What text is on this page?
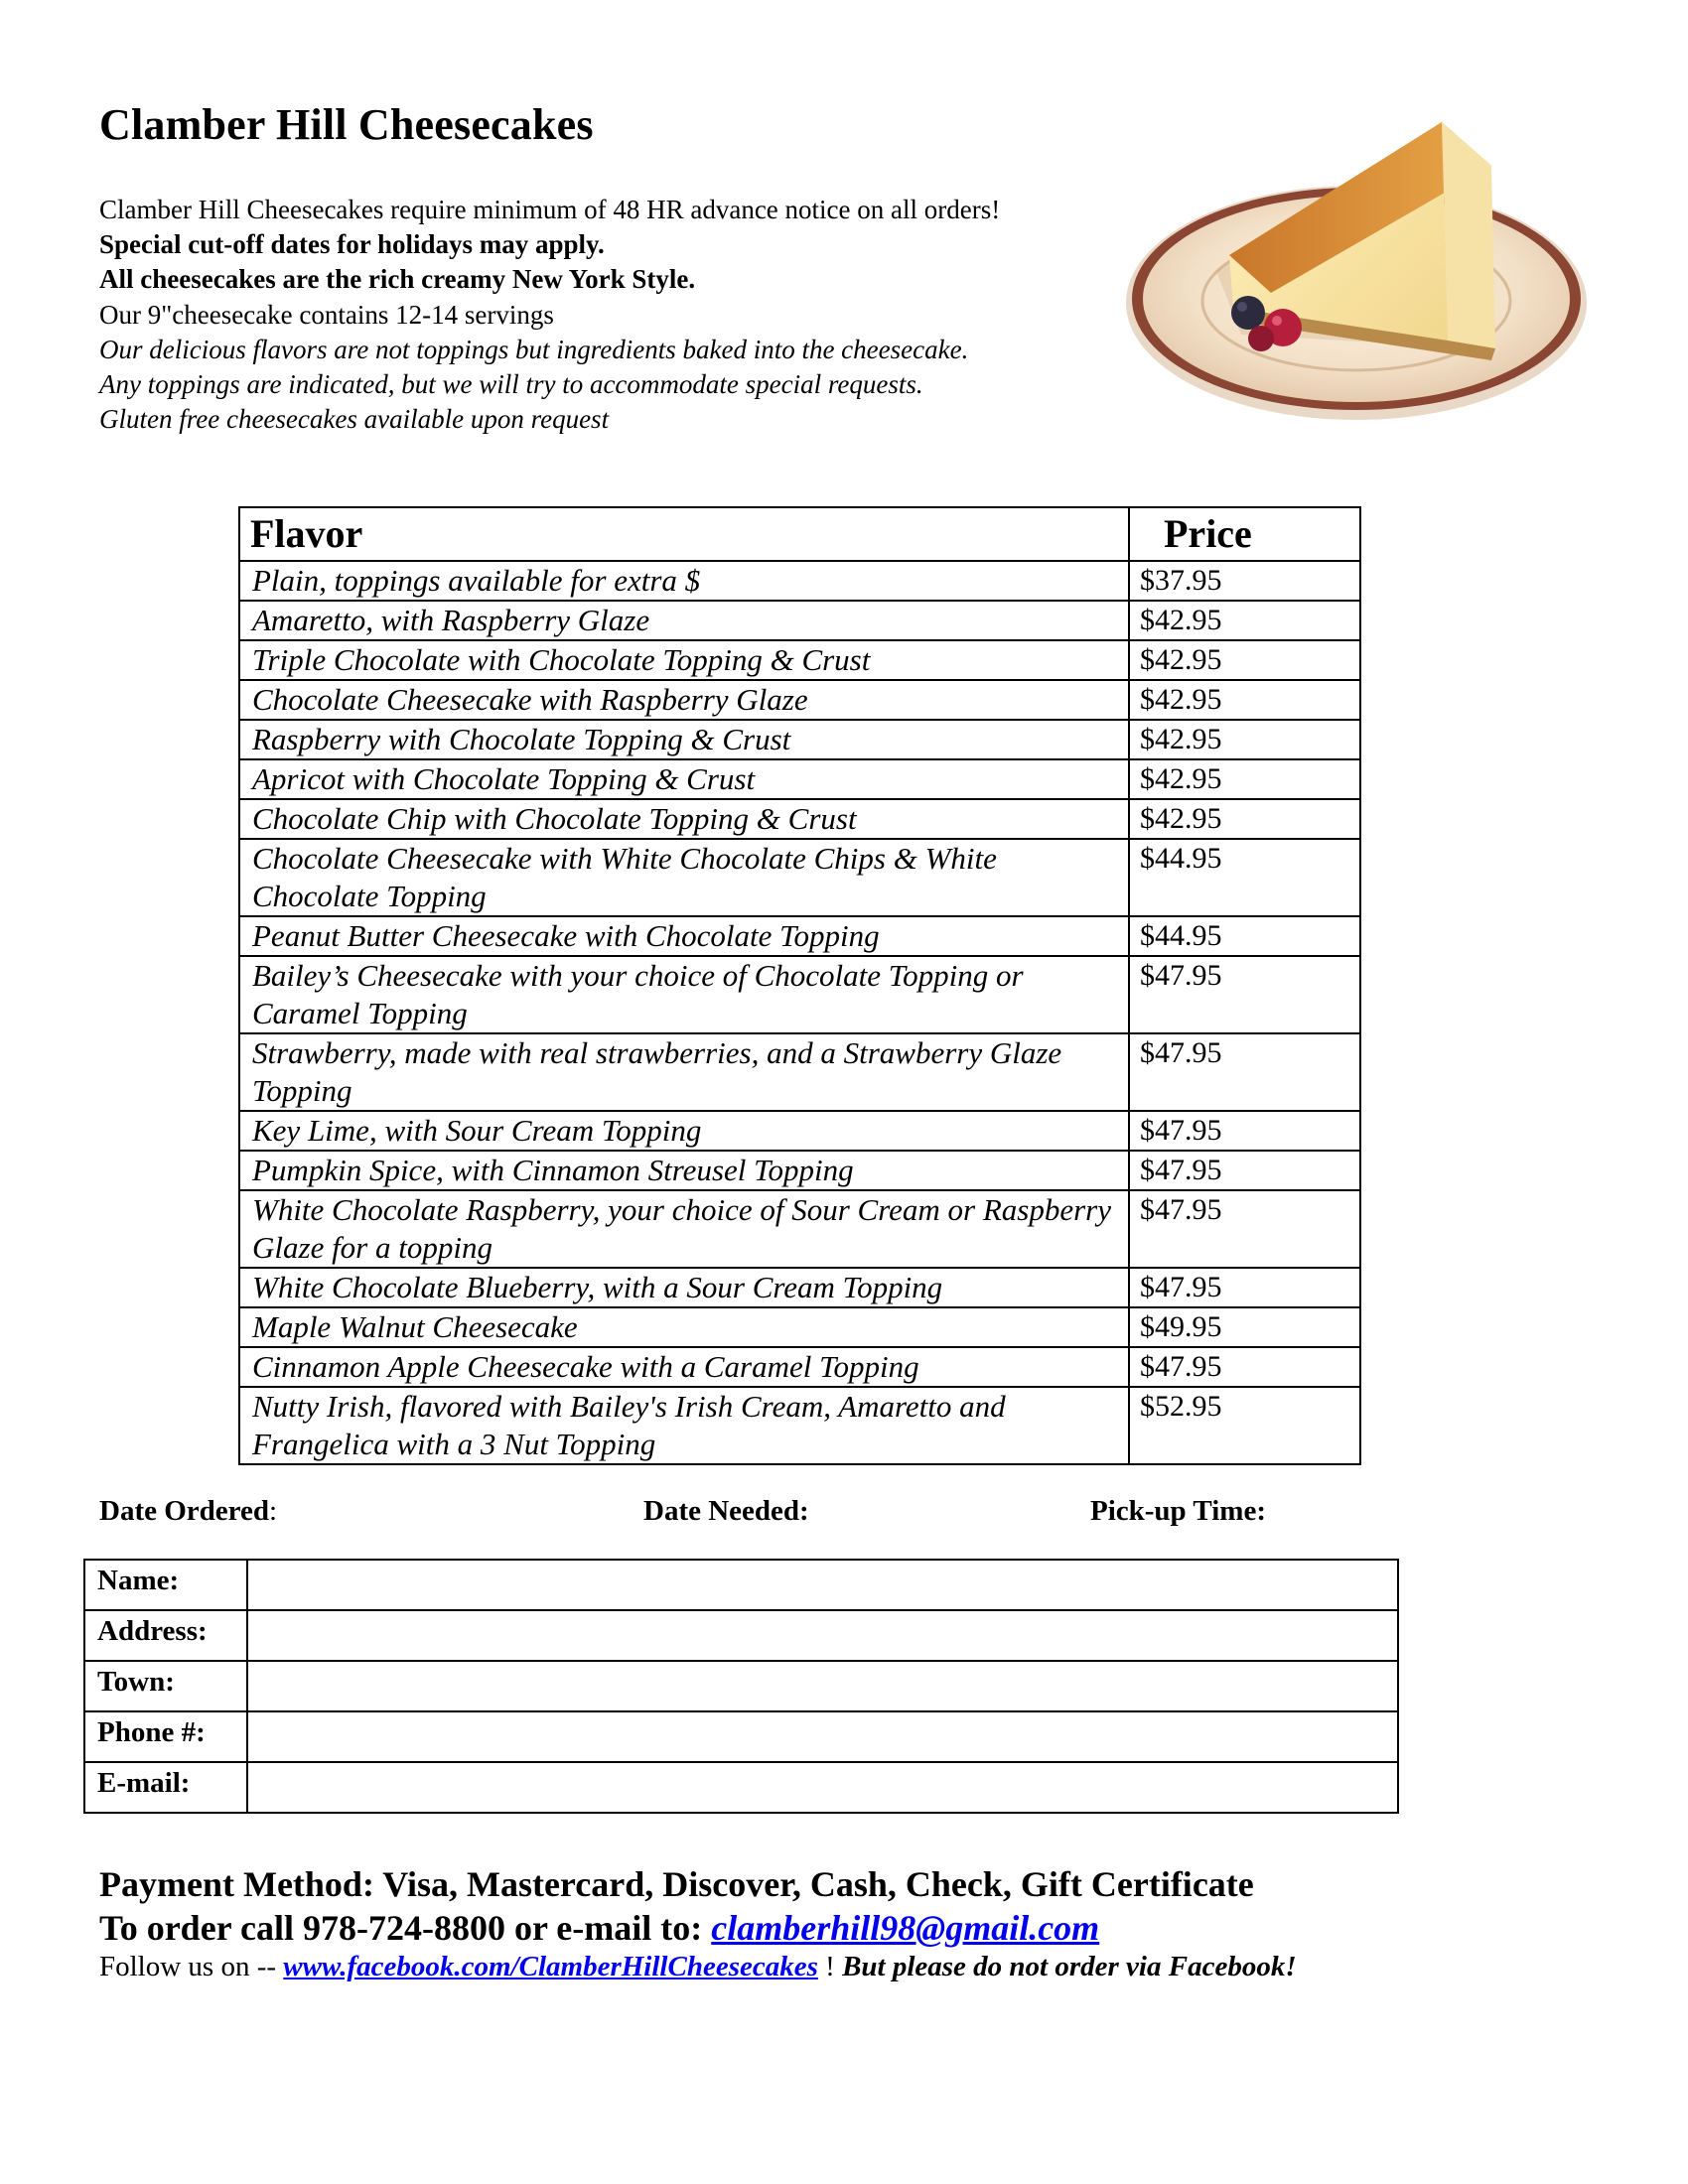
Clamber Hill Cheesecakes
Clamber Hill Cheesecakes require minimum of 48 HR advance notice on all orders!
Special cut-off dates for holidays may apply.
All cheesecakes are the rich creamy New York Style.
Our 9"cheesecake contains 12-14 servings
Our delicious flavors are not toppings but ingredients baked into the cheesecake.
Any toppings are indicated, but we will try to accommodate special requests.
Gluten free cheesecakes available upon request
Flavor	Price
Plain, toppings available for extra $	$37.95
Amaretto, with Raspberry Glaze	$42.95
Triple Chocolate with Chocolate Topping & Crust	$42.95
Chocolate Cheesecake with Raspberry Glaze	$42.95
Raspberry with Chocolate Topping & Crust	$42.95
Apricot with Chocolate Topping & Crust	$42.95
Chocolate Chip with Chocolate Topping & Crust	$42.95
Chocolate Cheesecake with White Chocolate Chips & White Chocolate Topping	$44.95
Peanut Butter Cheesecake with Chocolate Topping	$44.95
Bailey’s Cheesecake with your choice of Chocolate Topping or Caramel Topping	$47.95
Strawberry, made with real strawberries, and a Strawberry Glaze Topping	$47.95
Key Lime, with Sour Cream Topping	$47.95
Pumpkin Spice, with Cinnamon Streusel Topping	$47.95
White Chocolate Raspberry, your choice of Sour Cream or Raspberry Glaze for a topping	$47.95
White Chocolate Blueberry, with a Sour Cream Topping	$47.95
Maple Walnut Cheesecake	$49.95
Cinnamon Apple Cheesecake with a Caramel Topping	$47.95
Nutty Irish, flavored with Bailey's Irish Cream, Amaretto and Frangelica with a 3 Nut Topping	$52.95
Date Ordered:	Date Needed:	Pick-up Time:
Name:	
Address:	
Town:	
Phone #:	
E-mail:	
Payment Method: Visa, Mastercard, Discover, Cash, Check, Gift Certificate
To order call 978-724-8800 or e-mail to: clamberhill98@gmail.com
Follow us on -- www.facebook.com/ClamberHillCheesecakes ! But please do not order via Facebook!
